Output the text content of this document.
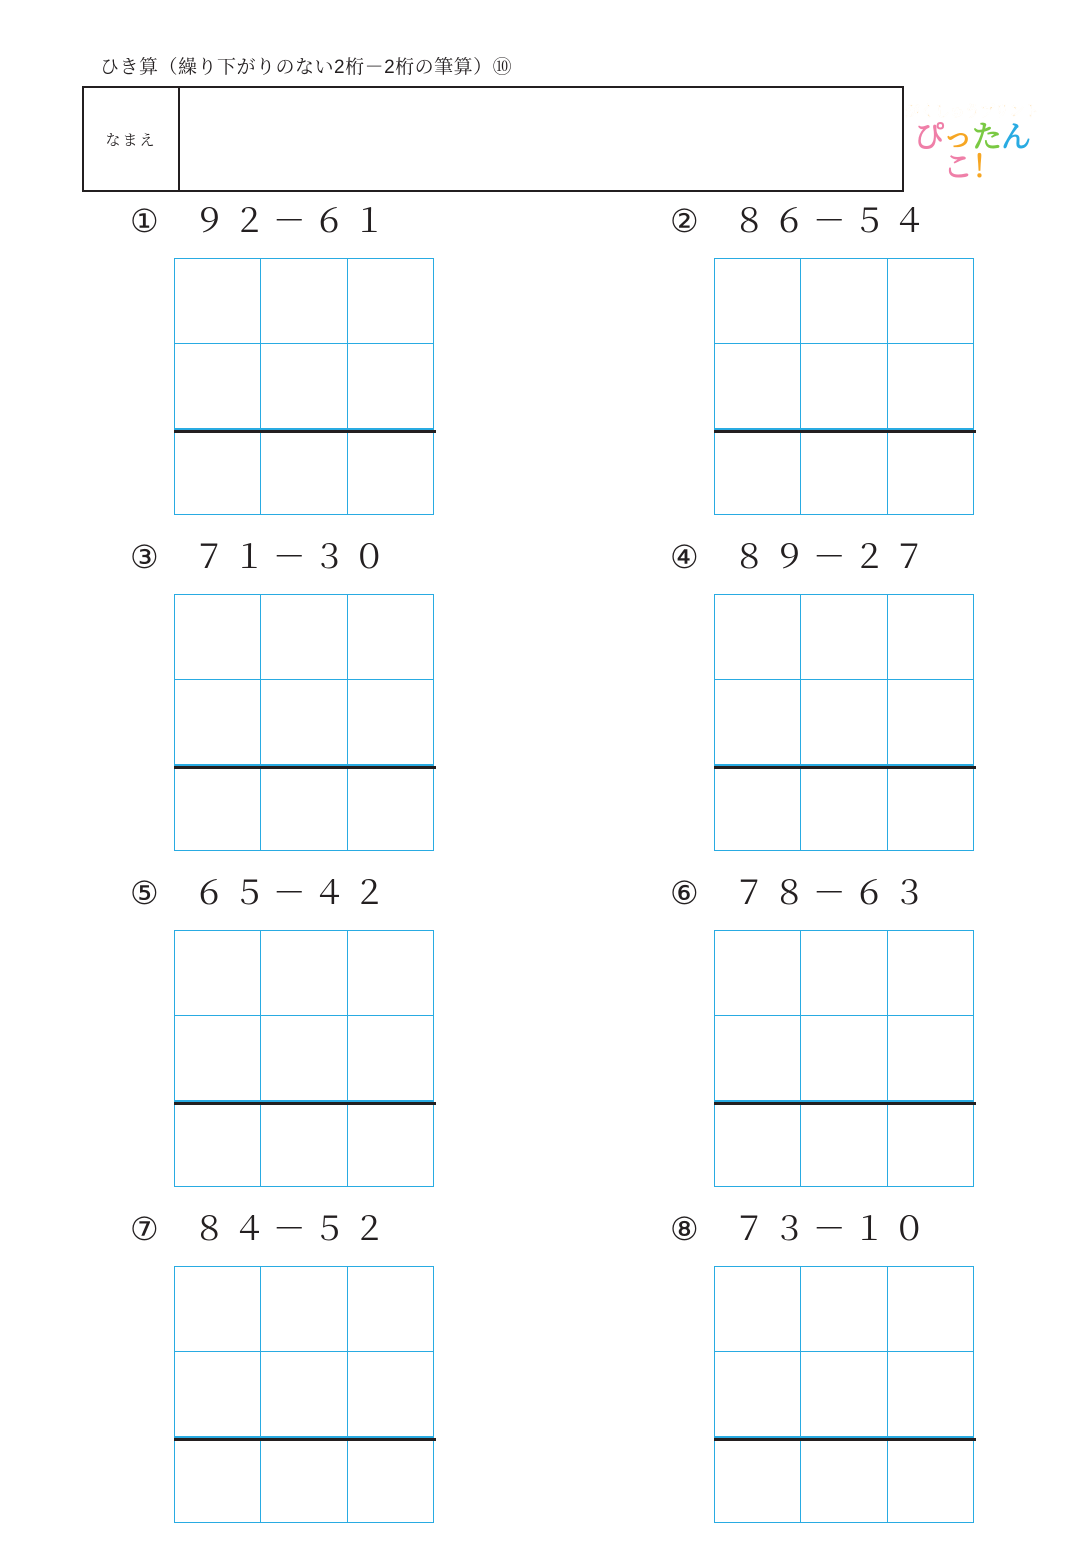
ひき算（繰り下がりのない2桁－2桁の筆算）⑩
なまえ
がくしゅうプリント
ぴったんこ！
① ９２－６１	② ８６－５４
③ ７１－３０	④ ８９－２７
⑤ ６５－４２	⑥ ７８－６３
⑦ ８４－５２	⑧ ７３－１０
